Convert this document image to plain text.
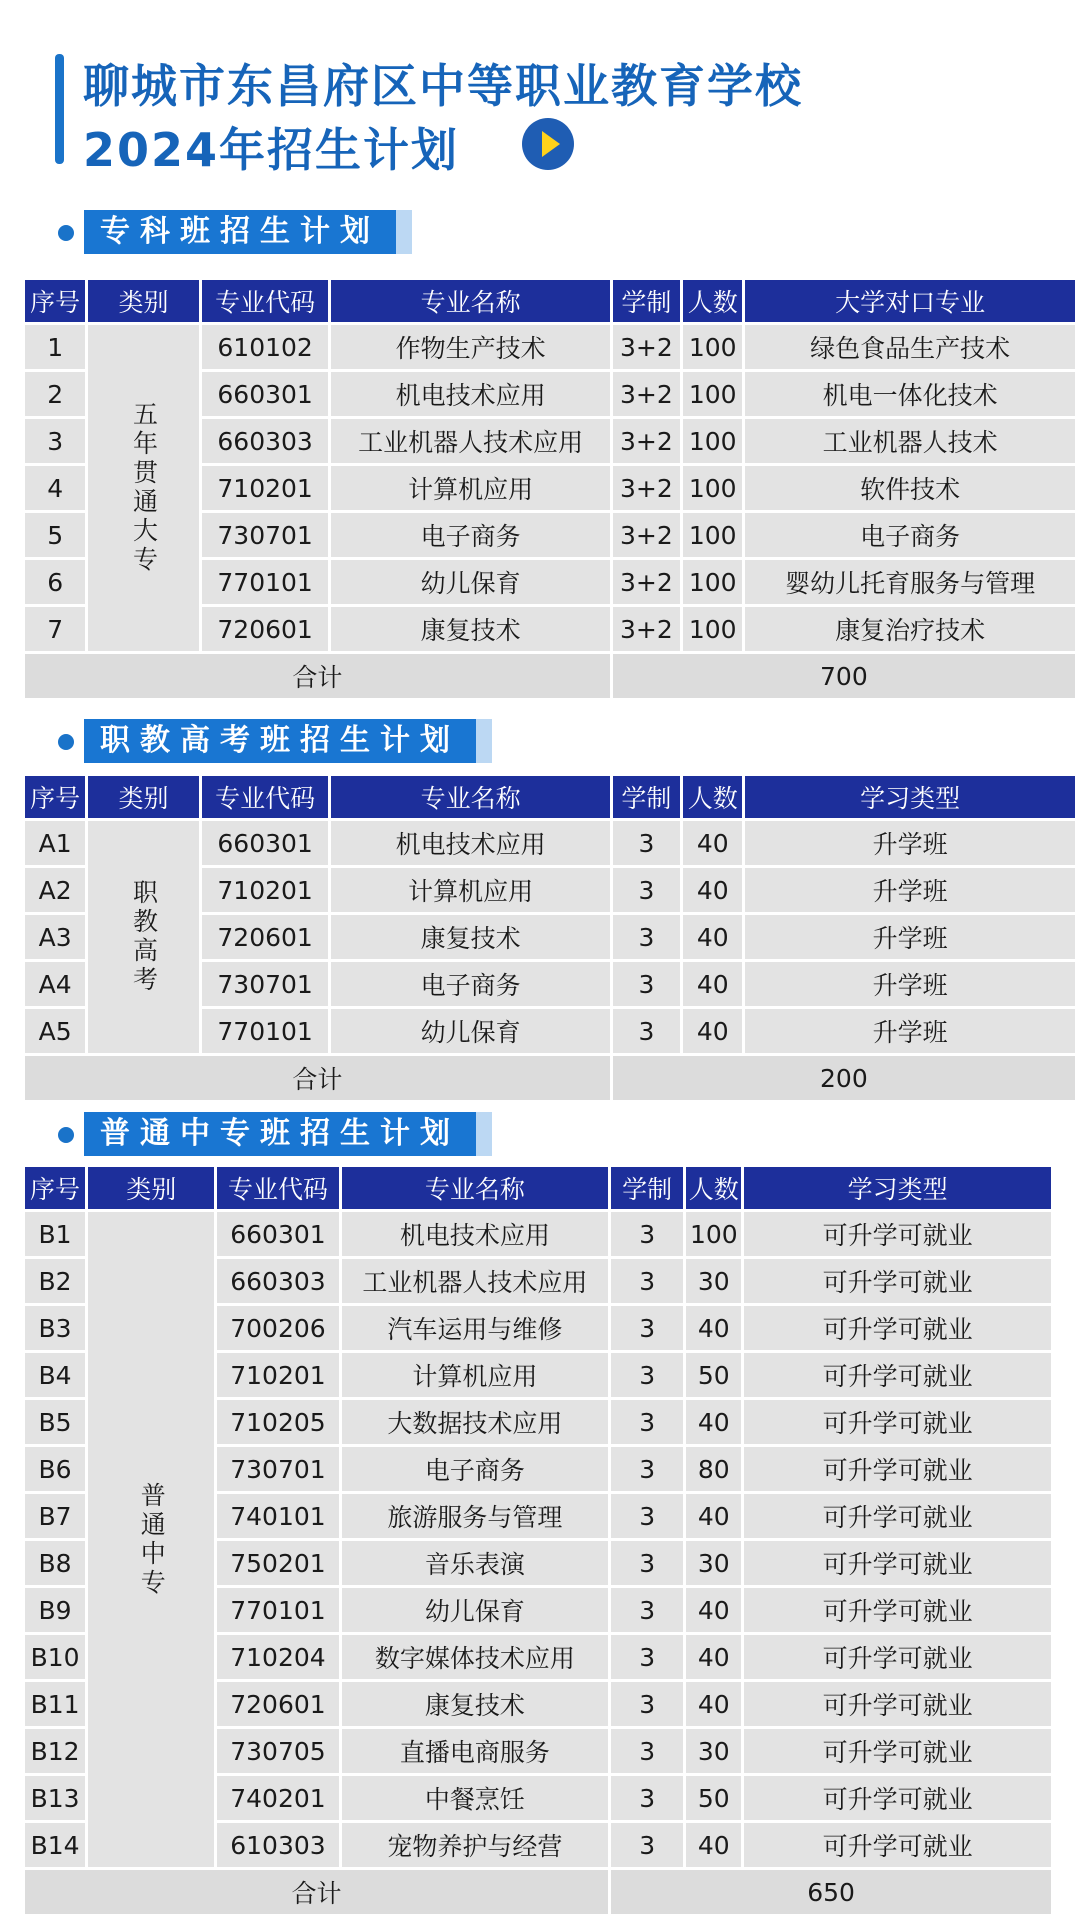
聊城市东昌府区中等职业教育学校
2024年招生计划
专科班招生计划
序号	类别	专业代码	专业名称	学制	人数	大学对口专业
1	五年贯通大专	610102	作物生产技术	3+2	100	绿色食品生产技术
2		660301	机电技术应用	3+2	100	机电一体化技术
3		660303	工业机器人技术应用	3+2	100	工业机器人技术
4		710201	计算机应用	3+2	100	软件技术
5		730701	电子商务	3+2	100	电子商务
6		770101	幼儿保育	3+2	100	婴幼儿托育服务与管理
7		720601	康复技术	3+2	100	康复治疗技术
合计				700		
职教高考班招生计划
序号	类别	专业代码	专业名称	学制	人数	学习类型
A1	职教高考	660301	机电技术应用	3	40	升学班
A2		710201	计算机应用	3	40	升学班
A3		720601	康复技术	3	40	升学班
A4		730701	电子商务	3	40	升学班
A5		770101	幼儿保育	3	40	升学班
合计				200		
普通中专班招生计划
序号	类别	专业代码	专业名称	学制	人数	学习类型
B1	普通中专	660301	机电技术应用	3	100	可升学可就业
B2		660303	工业机器人技术应用	3	30	可升学可就业
B3		700206	汽车运用与维修	3	40	可升学可就业
B4		710201	计算机应用	3	50	可升学可就业
B5		710205	大数据技术应用	3	40	可升学可就业
B6		730701	电子商务	3	80	可升学可就业
B7		740101	旅游服务与管理	3	40	可升学可就业
B8		750201	音乐表演	3	30	可升学可就业
B9		770101	幼儿保育	3	40	可升学可就业
B10		710204	数字媒体技术应用	3	40	可升学可就业
B11		720601	康复技术	3	40	可升学可就业
B12		730705	直播电商服务	3	30	可升学可就业
B13		740201	中餐烹饪	3	50	可升学可就业
B14		610303	宠物养护与经营	3	40	可升学可就业
合计				650		
